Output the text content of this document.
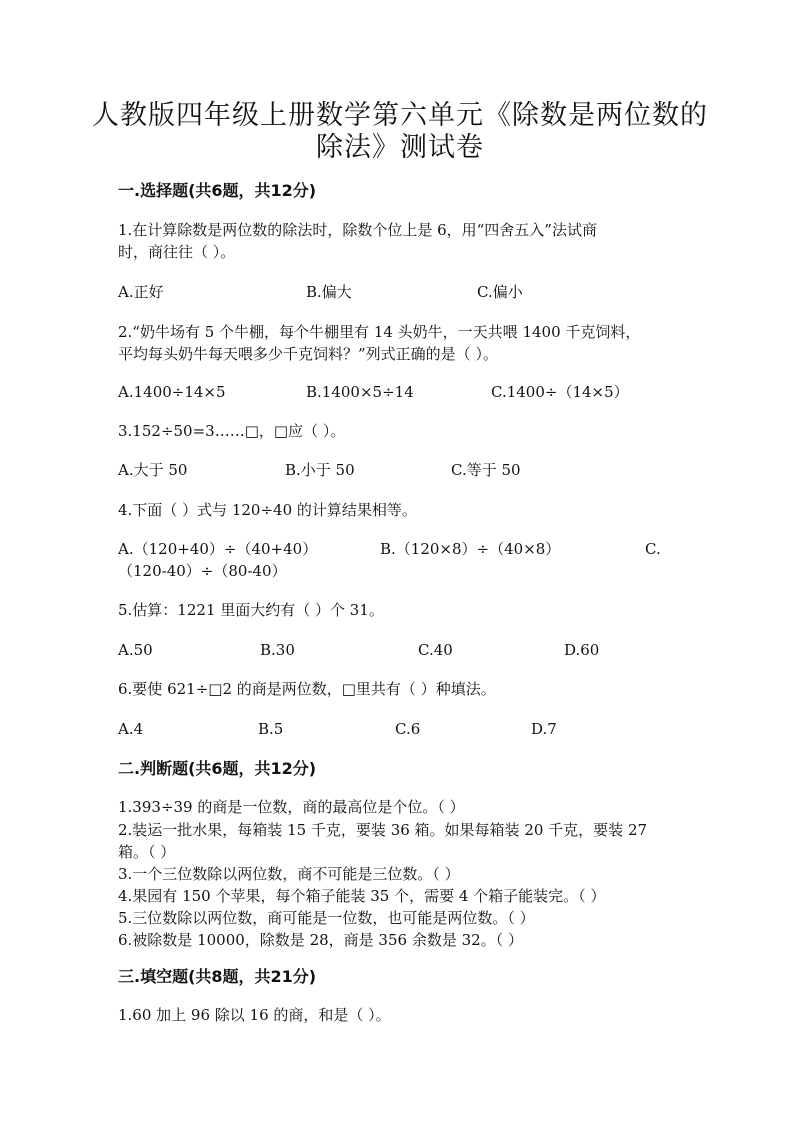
人教版四年级上册数学第六单元《除数是两位数的
除法》测试卷
一.选择题(共6题，共12分)
1.在计算除数是两位数的除法时，除数个位上是 6，用“四舍五入”法试商
时，商往往（ ）。
A.正好	B.偏大	C.偏小
2.“奶牛场有 5 个牛棚，每个牛棚里有 14 头奶牛，一天共喂 1400 千克饲料，
平均每头奶牛每天喂多少千克饲料？”列式正确的是（ ）。
A.1400÷14×5	B.1400×5÷14	C.1400÷（14×5）
3.152÷50=3……□，□应（ ）。
A.大于 50	B.小于 50	C.等于 50
4.下面（ ）式与 120÷40 的计算结果相等。
A.（120+40）÷（40+40）	B.（120×8）÷（40×8）	C.
（120-40）÷（80-40）
5.估算：1221 里面大约有（ ）个 31。
A.50	B.30	C.40	D.60
6.要使 621÷□2 的商是两位数，□里共有（ ）种填法。
A.4	B.5	C.6	D.7
二.判断题(共6题，共12分)
1.393÷39 的商是一位数，商的最高位是个位。（ ）
2.装运一批水果，每箱装 15 千克，要装 36 箱。如果每箱装 20 千克，要装 27
箱。（ ）
3.一个三位数除以两位数，商不可能是三位数。（ ）
4.果园有 150 个苹果，每个箱子能装 35 个，需要 4 个箱子能装完。（ ）
5.三位数除以两位数，商可能是一位数，也可能是两位数。（ ）
6.被除数是 10000，除数是 28，商是 356 余数是 32。（ ）
三.填空题(共8题，共21分)
1.60 加上 96 除以 16 的商，和是（ ）。
